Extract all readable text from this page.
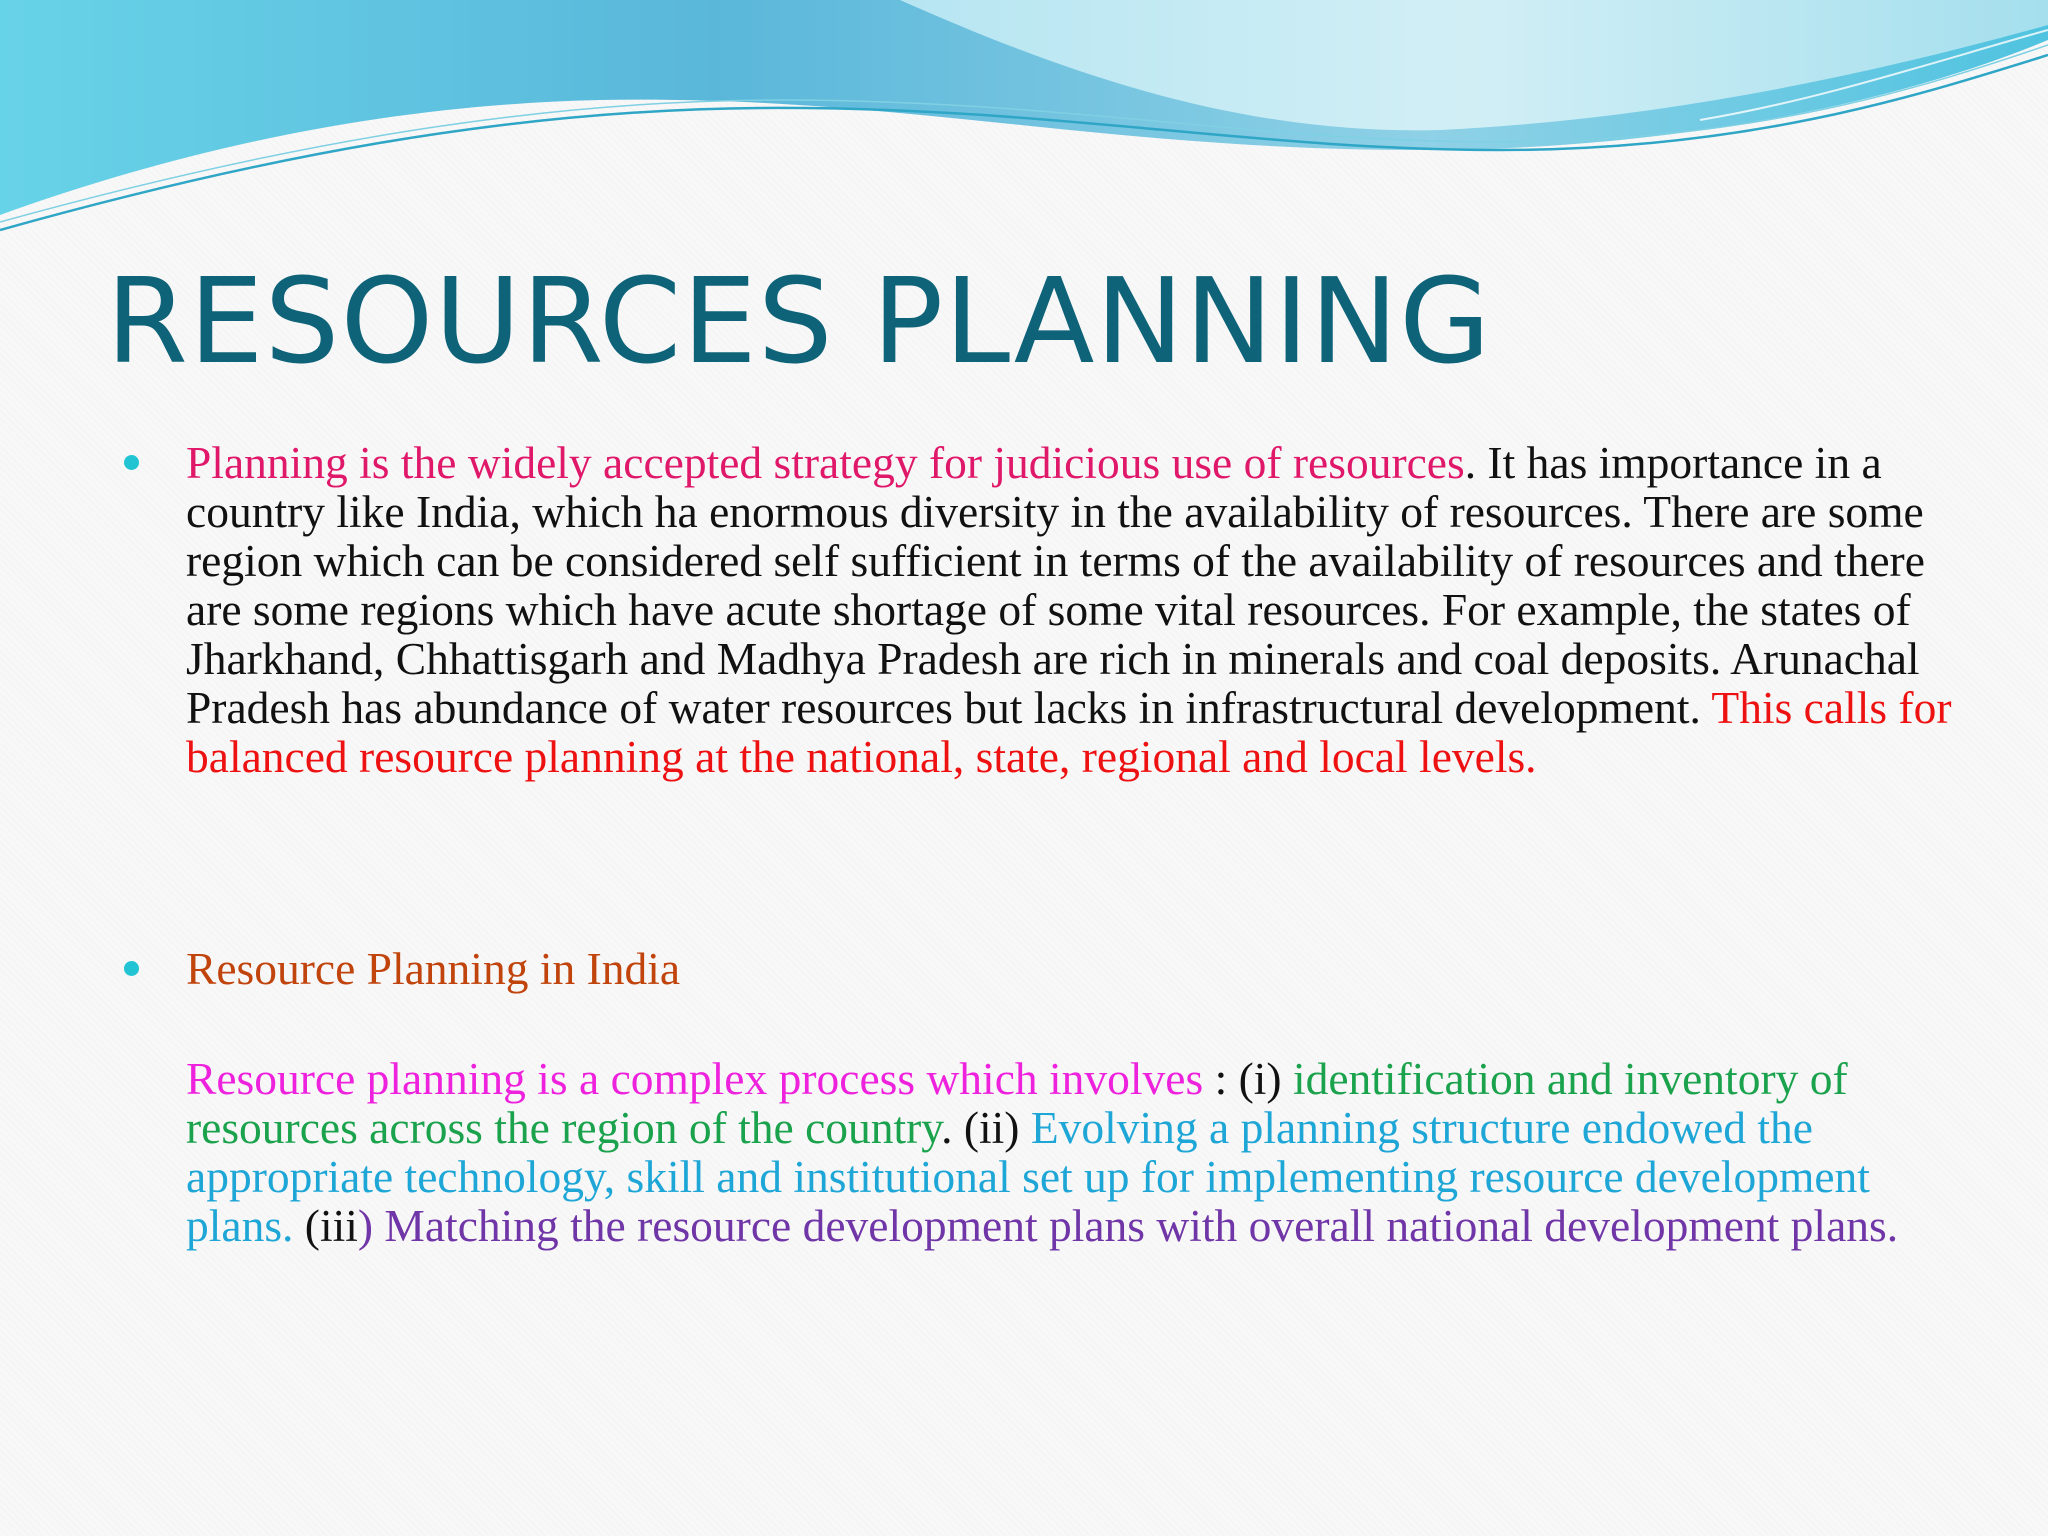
RESOURCES PLANNING
Planning is the widely accepted strategy for judicious use of resources. It has importance in a country like India, which ha enormous diversity in the availability of resources. There are some region which can be considered self sufficient in terms of the availability of resources and there are some regions which have acute shortage of some vital resources. For example, the states of Jharkhand, Chhattisgarh and Madhya Pradesh are rich in minerals and coal deposits. Arunachal Pradesh has abundance of water resources but lacks in infrastructural development. This calls for balanced resource planning at the national, state, regional and local levels.
Resource Planning in India
Resource planning is a complex process which involves : (i) identification and inventory of resources across the region of the country. (ii) Evolving a planning structure endowed the appropriate technology, skill and institutional set up for implementing resource development plans. (iii) Matching the resource development plans with overall national development plans.
